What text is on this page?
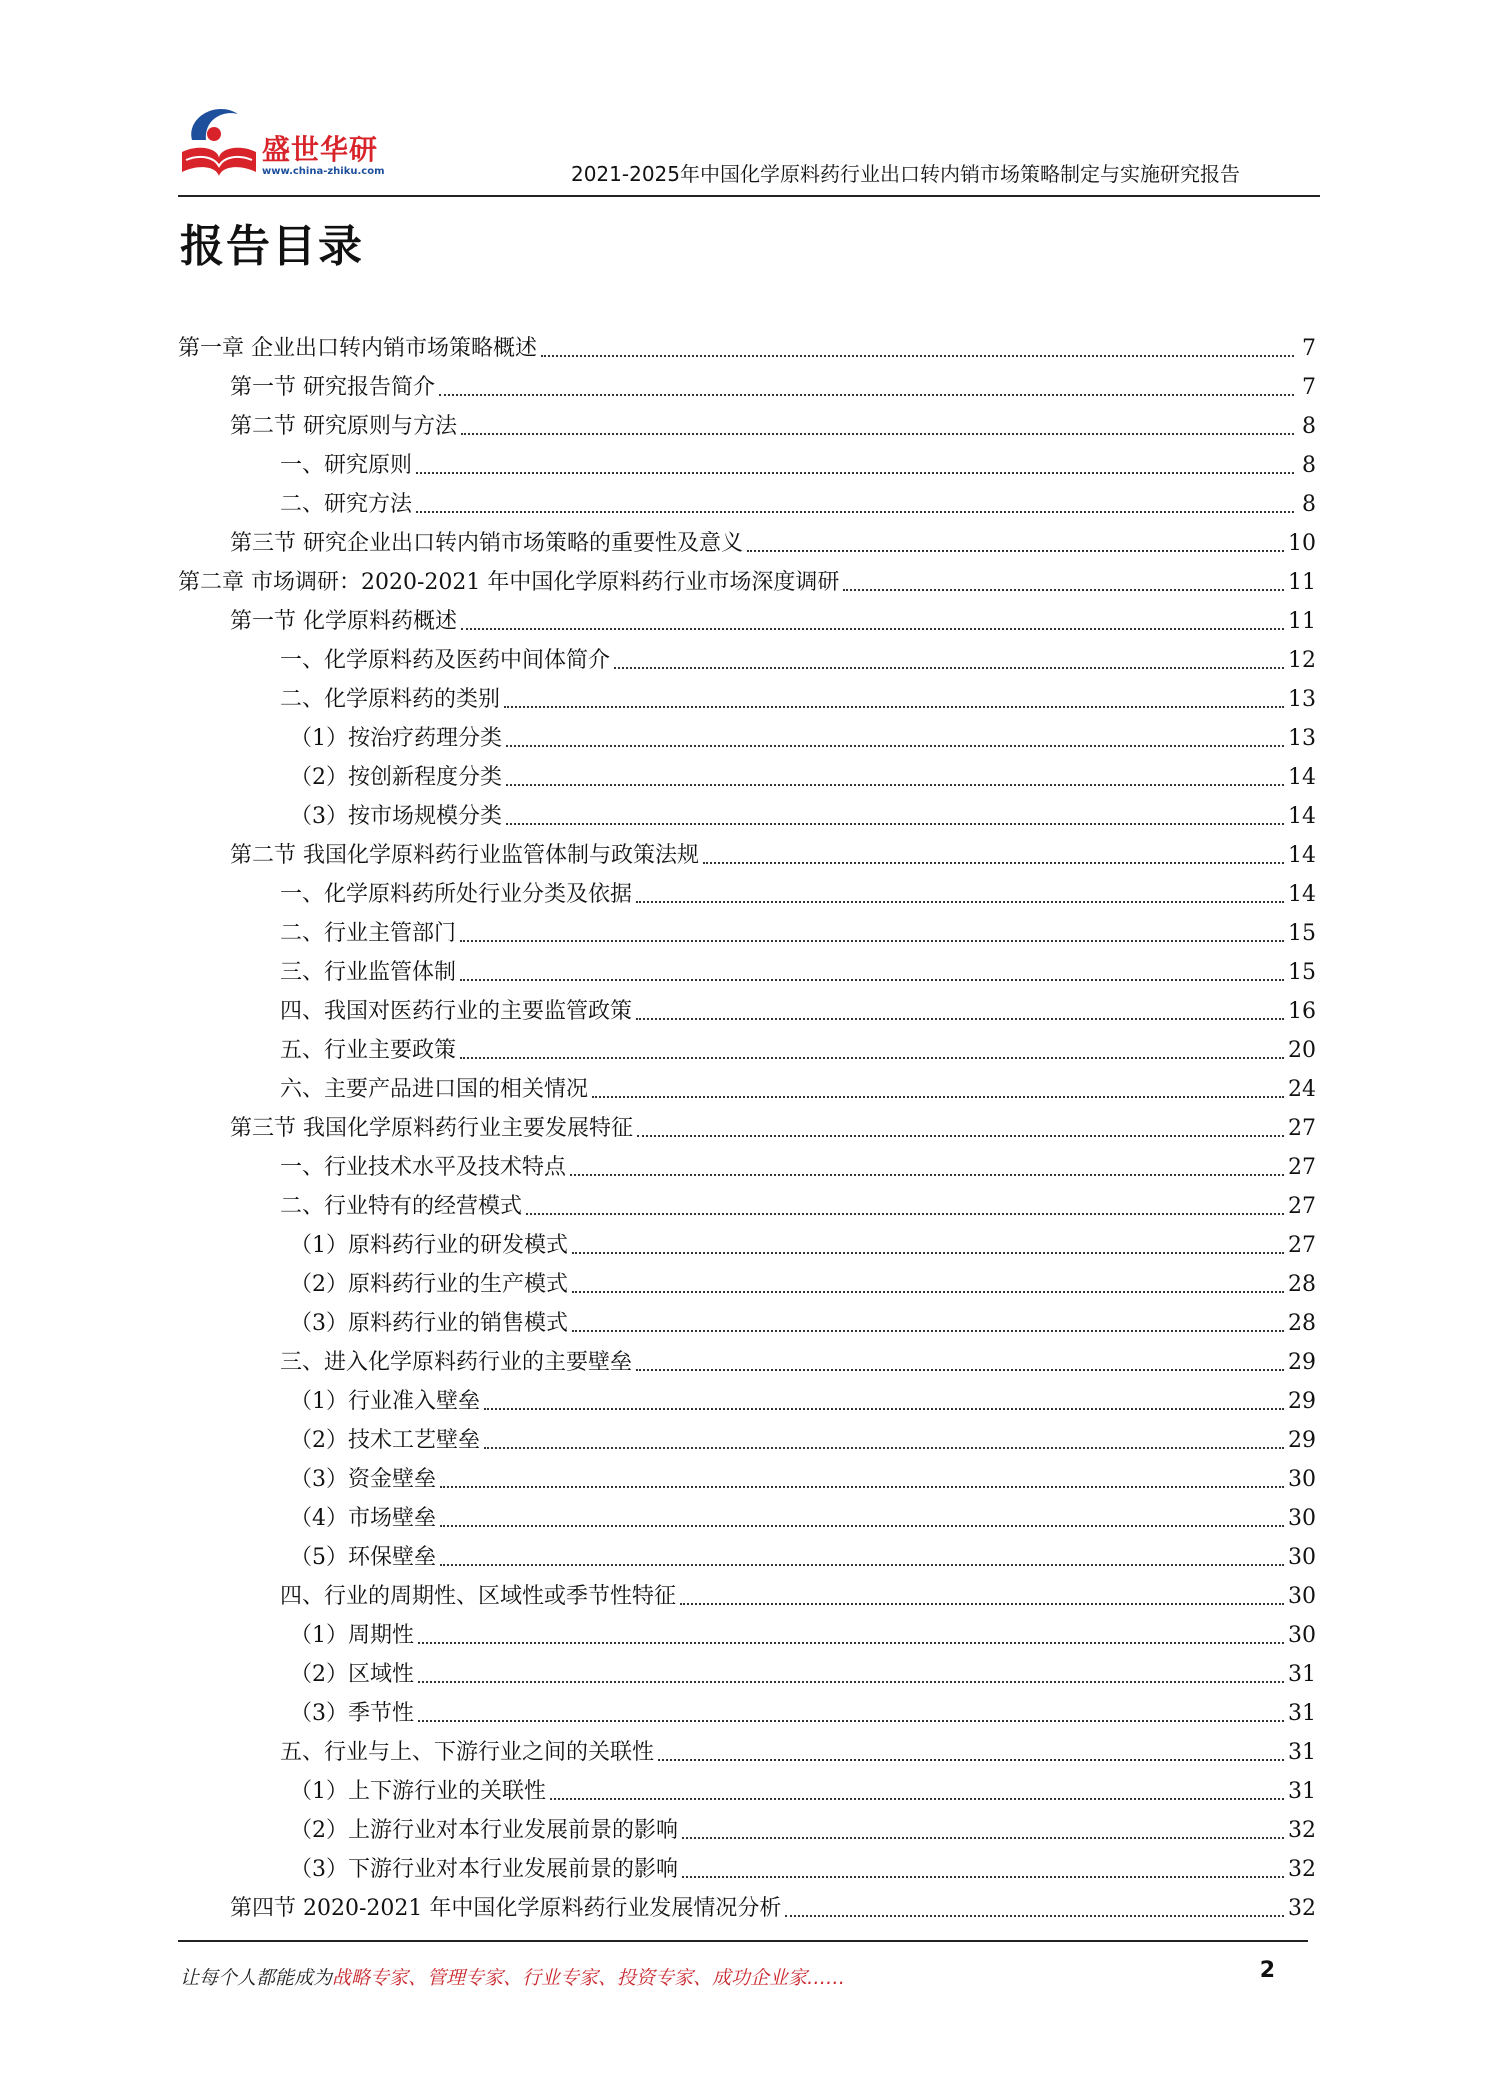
盛世华研
www.china-zhiku.com	2021-2025年中国化学原料药行业出口转内销市场策略制定与实施研究报告
报告目录
第一章 企业出口转内销市场策略概述	7
第一节 研究报告简介	7
第二节 研究原则与方法	8
一、研究原则	8
二、研究方法	8
第三节 研究企业出口转内销市场策略的重要性及意义	10
第二章 市场调研：2020-2021 年中国化学原料药行业市场深度调研	11
第一节 化学原料药概述	11
一、化学原料药及医药中间体简介	12
二、化学原料药的类别	13
（1）按治疗药理分类	13
（2）按创新程度分类	14
（3）按市场规模分类	14
第二节 我国化学原料药行业监管体制与政策法规	14
一、化学原料药所处行业分类及依据	14
二、行业主管部门	15
三、行业监管体制	15
四、我国对医药行业的主要监管政策	16
五、行业主要政策	20
六、主要产品进口国的相关情况	24
第三节 我国化学原料药行业主要发展特征	27
一、行业技术水平及技术特点	27
二、行业特有的经营模式	27
（1）原料药行业的研发模式	27
（2）原料药行业的生产模式	28
（3）原料药行业的销售模式	28
三、进入化学原料药行业的主要壁垒	29
（1）行业准入壁垒	29
（2）技术工艺壁垒	29
（3）资金壁垒	30
（4）市场壁垒	30
（5）环保壁垒	30
四、行业的周期性、区域性或季节性特征	30
（1）周期性	30
（2）区域性	31
（3）季节性	31
五、行业与上、下游行业之间的关联性	31
（1）上下游行业的关联性	31
（2）上游行业对本行业发展前景的影响	32
（3）下游行业对本行业发展前景的影响	32
第四节 2020-2021 年中国化学原料药行业发展情况分析	32
让每个人都能成为战略专家、管理专家、行业专家、投资专家、成功企业家……	2
